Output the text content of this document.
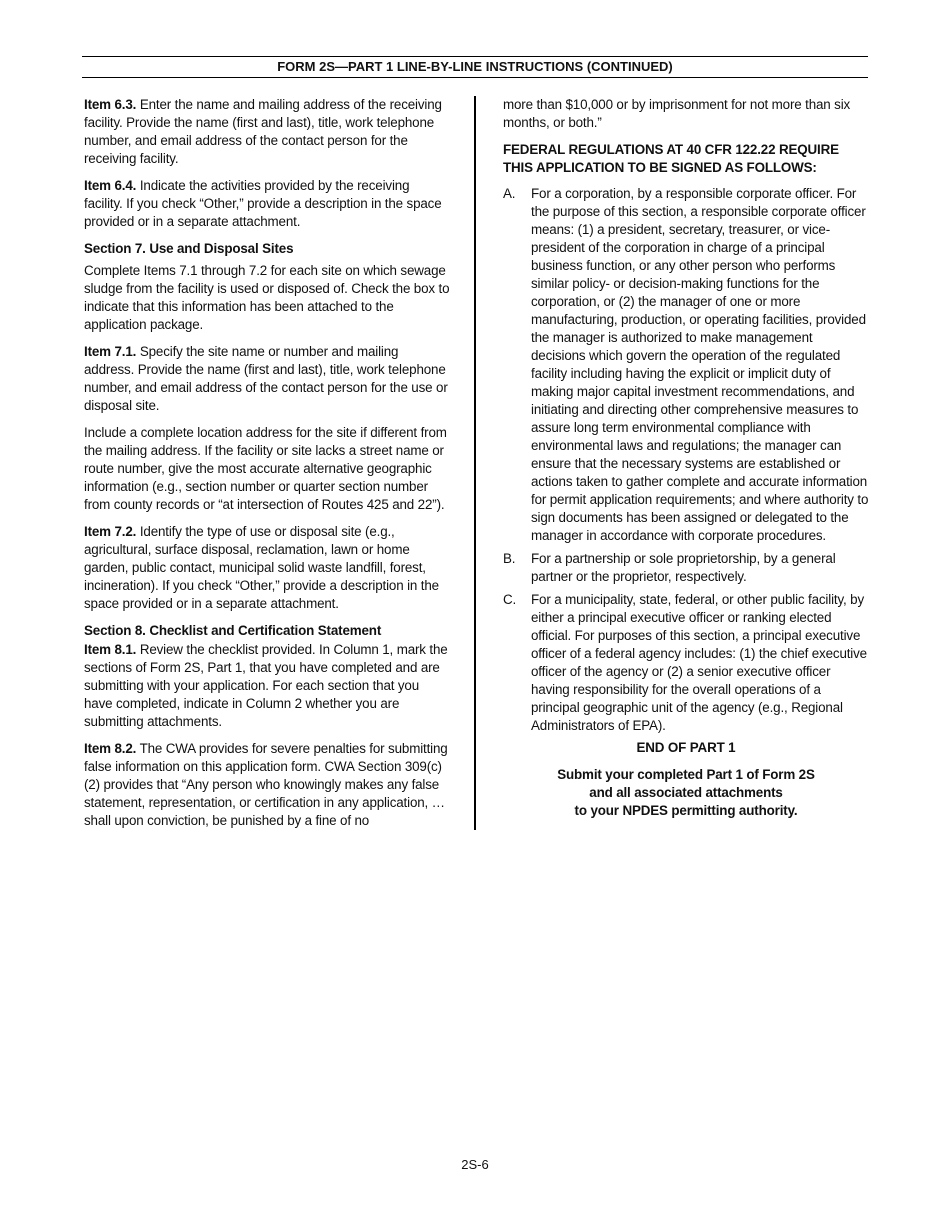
FORM 2S—PART 1 LINE-BY-LINE INSTRUCTIONS (CONTINUED)

Item 6.3. Enter the name and mailing address of the receiving facility. Provide the name (first and last), title, work telephone number, and email address of the contact person for the receiving facility.

Item 6.4. Indicate the activities provided by the receiving facility. If you check “Other,” provide a description in the space provided or in a separate attachment.

Section 7. Use and Disposal Sites

Complete Items 7.1 through 7.2 for each site on which sewage sludge from the facility is used or disposed of. Check the box to indicate that this information has been attached to the application package.

Item 7.1. Specify the site name or number and mailing address. Provide the name (first and last), title, work telephone number, and email address of the contact person for the use or disposal site.

Include a complete location address for the site if different from the mailing address. If the facility or site lacks a street name or route number, give the most accurate alternative geographic information (e.g., section number or quarter section number from county records or “at intersection of Routes 425 and 22”).

Item 7.2. Identify the type of use or disposal site (e.g., agricultural, surface disposal, reclamation, lawn or home garden, public contact, municipal solid waste landfill, forest, incineration). If you check “Other,” provide a description in the space provided or in a separate attachment.

Section 8. Checklist and Certification Statement

Item 8.1. Review the checklist provided. In Column 1, mark the sections of Form 2S, Part 1, that you have completed and are submitting with your application. For each section that you have completed, indicate in Column 2 whether you are submitting attachments.

Item 8.2. The CWA provides for severe penalties for submitting false information on this application form. CWA Section 309(c)(2) provides that “Any person who knowingly makes any false statement, representation, or certification in any application, …shall upon conviction, be punished by a fine of no

more than $10,000 or by imprisonment for not more than six months, or both.”

FEDERAL REGULATIONS AT 40 CFR 122.22 REQUIRE THIS APPLICATION TO BE SIGNED AS FOLLOWS:

A.	For a corporation, by a responsible corporate officer. For the purpose of this section, a responsible corporate officer means: (1) a president, secretary, treasurer, or vice-president of the corporation in charge of a principal business function, or any other person who performs similar policy- or decision-making functions for the corporation, or (2) the manager of one or more manufacturing, production, or operating facilities, provided the manager is authorized to make management decisions which govern the operation of the regulated facility including having the explicit or implicit duty of making major capital investment recommendations, and initiating and directing other comprehensive measures to assure long term environmental compliance with environmental laws and regulations; the manager can ensure that the necessary systems are established or actions taken to gather complete and accurate information for permit application requirements; and where authority to sign documents has been assigned or delegated to the manager in accordance with corporate procedures.
B.	For a partnership or sole proprietorship, by a general partner or the proprietor, respectively.
C.	For a municipality, state, federal, or other public facility, by either a principal executive officer or ranking elected official. For purposes of this section, a principal executive officer of a federal agency includes: (1) the chief executive officer of the agency or (2) a senior executive officer having responsibility for the overall operations of a principal geographic unit of the agency (e.g., Regional Administrators of EPA).
END OF PART 1
Submit your completed Part 1 of Form 2S
and all associated attachments
to your NPDES permitting authority.
2S-6
